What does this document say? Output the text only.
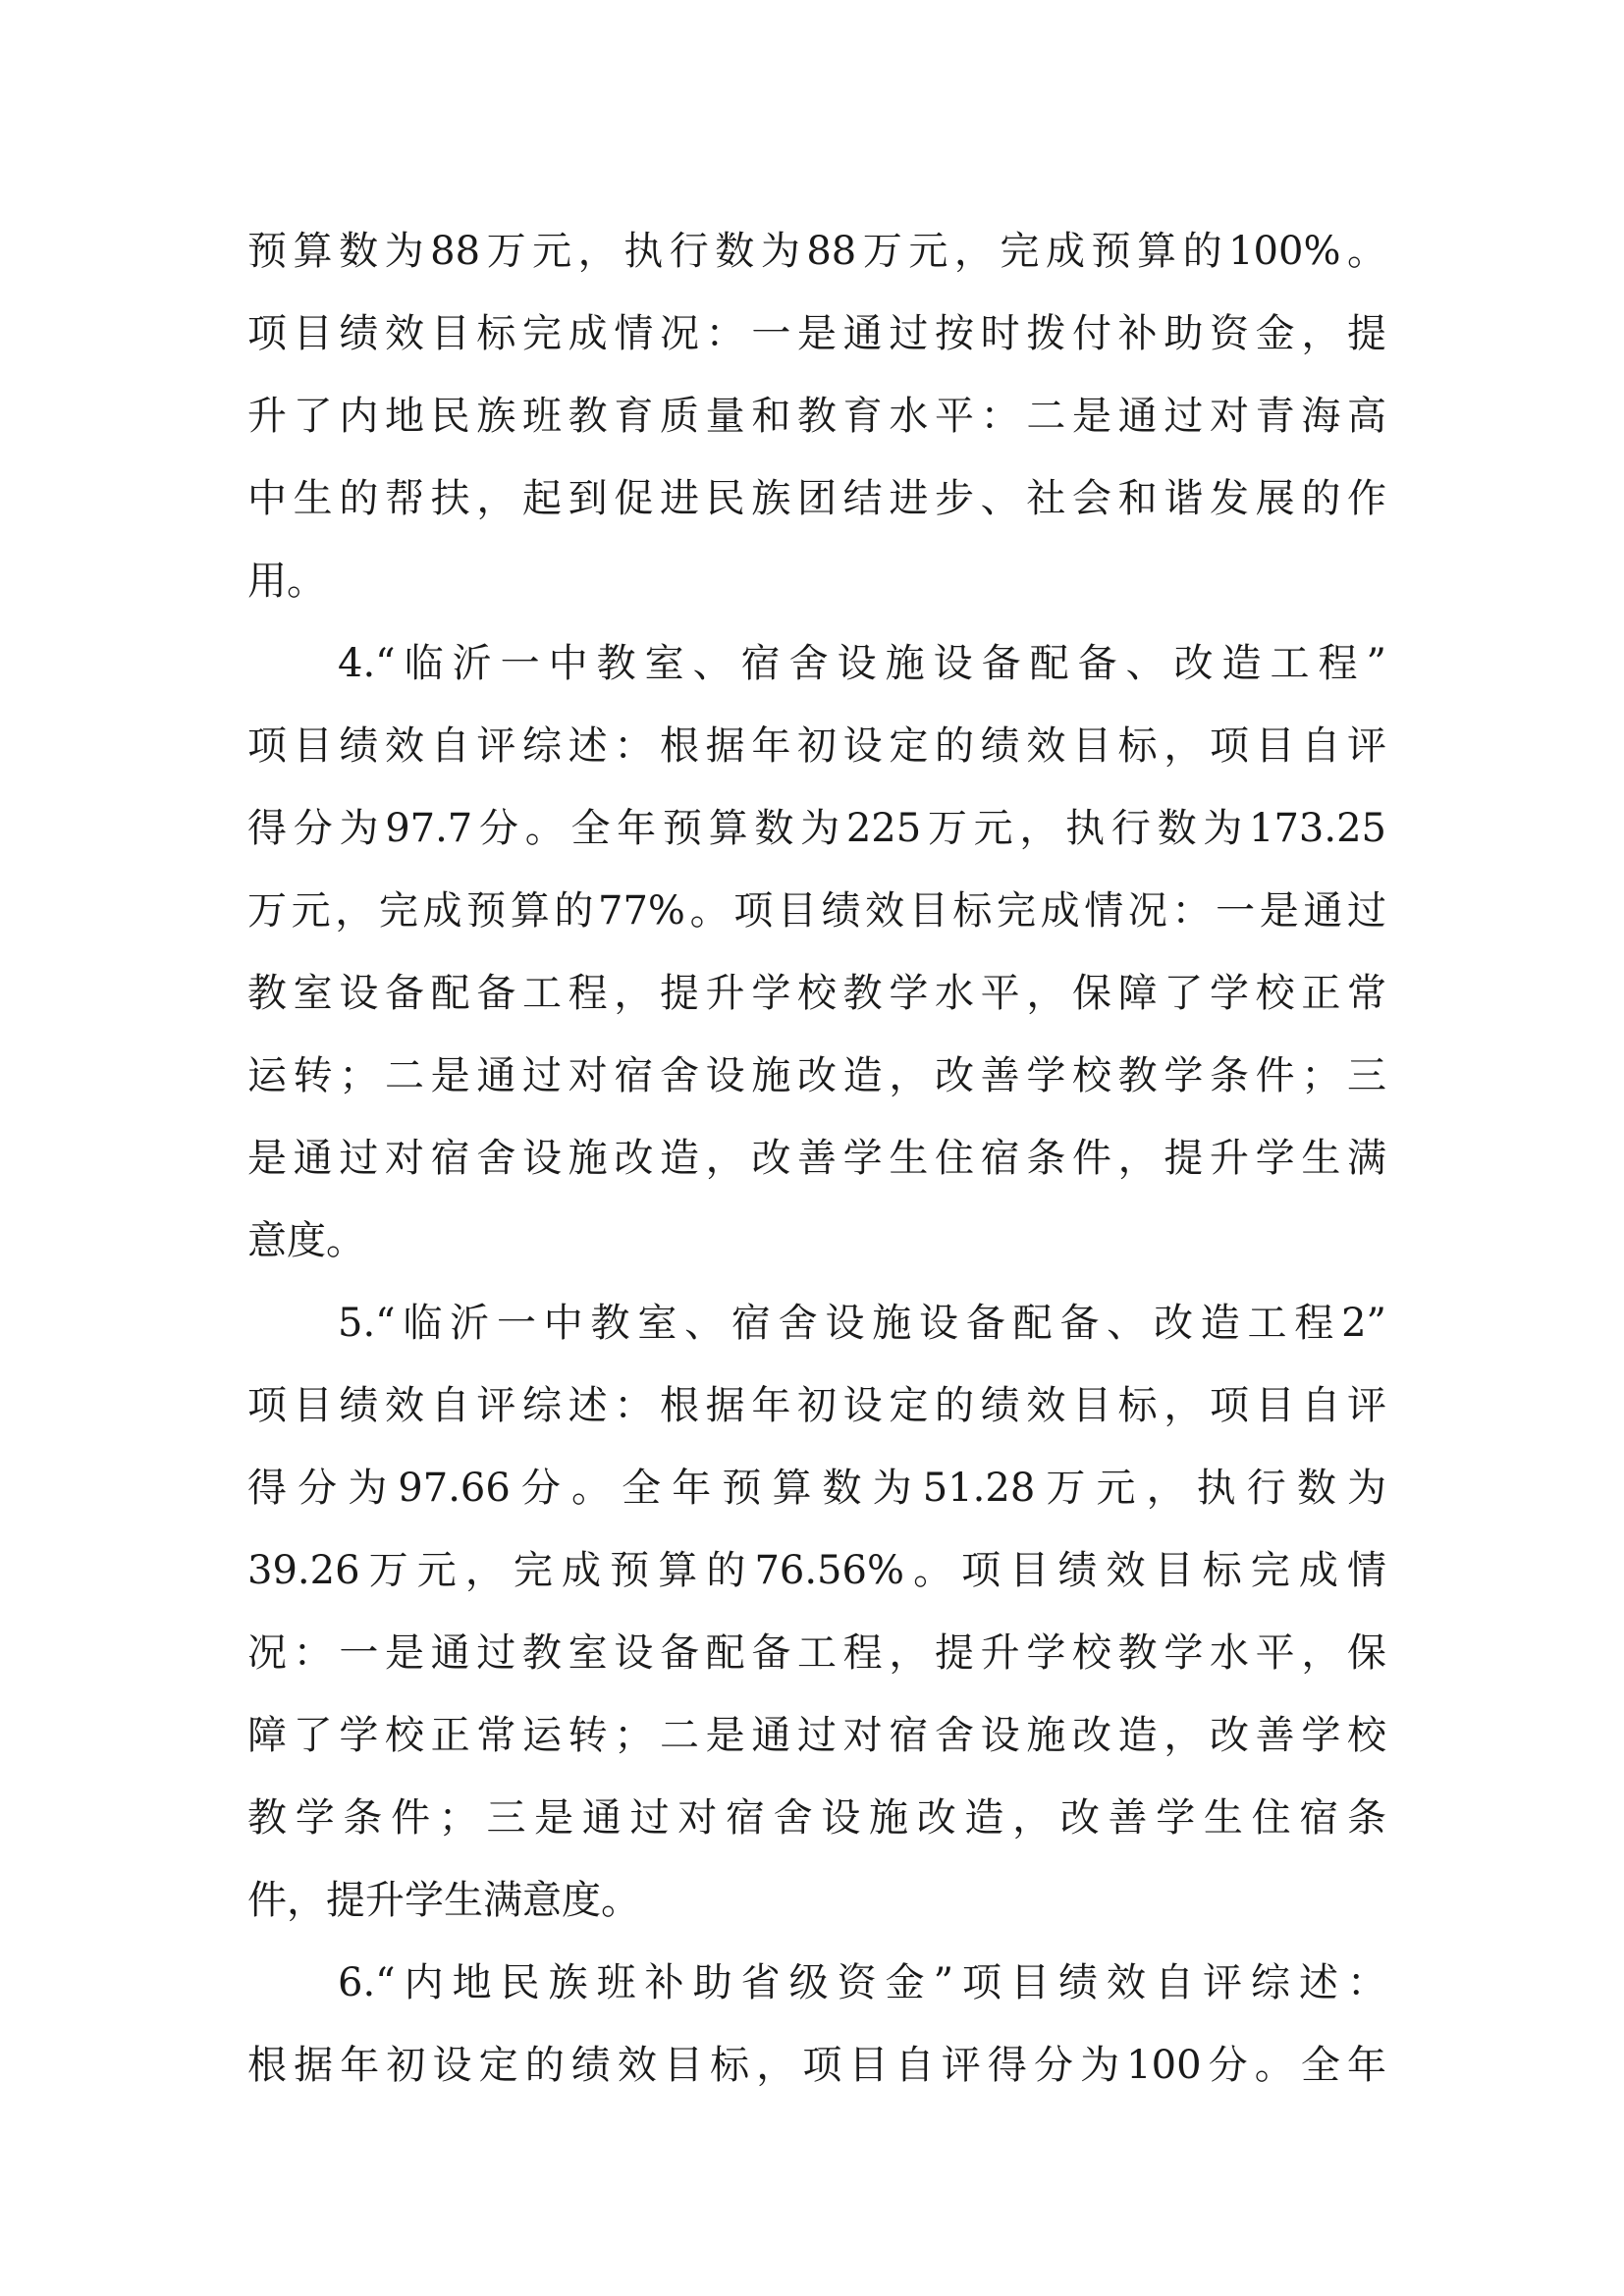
预算数为88万元，执行数为88万元，完成预算的100%。
项目绩效目标完成情况：一是通过按时拨付补助资金，提
升了内地民族班教育质量和教育水平：二是通过对青海高
中生的帮扶，起到促进民族团结进步、社会和谐发展的作
用。
4.“临沂一中教室、宿舍设施设备配备、改造工程”
项目绩效自评综述：根据年初设定的绩效目标，项目自评
得分为97.7分。全年预算数为225万元，执行数为173.25
万元，完成预算的77%。项目绩效目标完成情况：一是通过
教室设备配备工程，提升学校教学水平，保障了学校正常
运转；二是通过对宿舍设施改造，改善学校教学条件；三
是通过对宿舍设施改造，改善学生住宿条件，提升学生满
意度。
5.“临沂一中教室、宿舍设施设备配备、改造工程2”
项目绩效自评综述：根据年初设定的绩效目标，项目自评
得分为97.66分。全年预算数为51.28万元，执行数为
39.26万元，完成预算的76.56%。项目绩效目标完成情
况：一是通过教室设备配备工程，提升学校教学水平，保
障了学校正常运转；二是通过对宿舍设施改造，改善学校
教学条件；三是通过对宿舍设施改造，改善学生住宿条
件，提升学生满意度。
6.“内地民族班补助省级资金”项目绩效自评综述：
根据年初设定的绩效目标，项目自评得分为100分。全年
